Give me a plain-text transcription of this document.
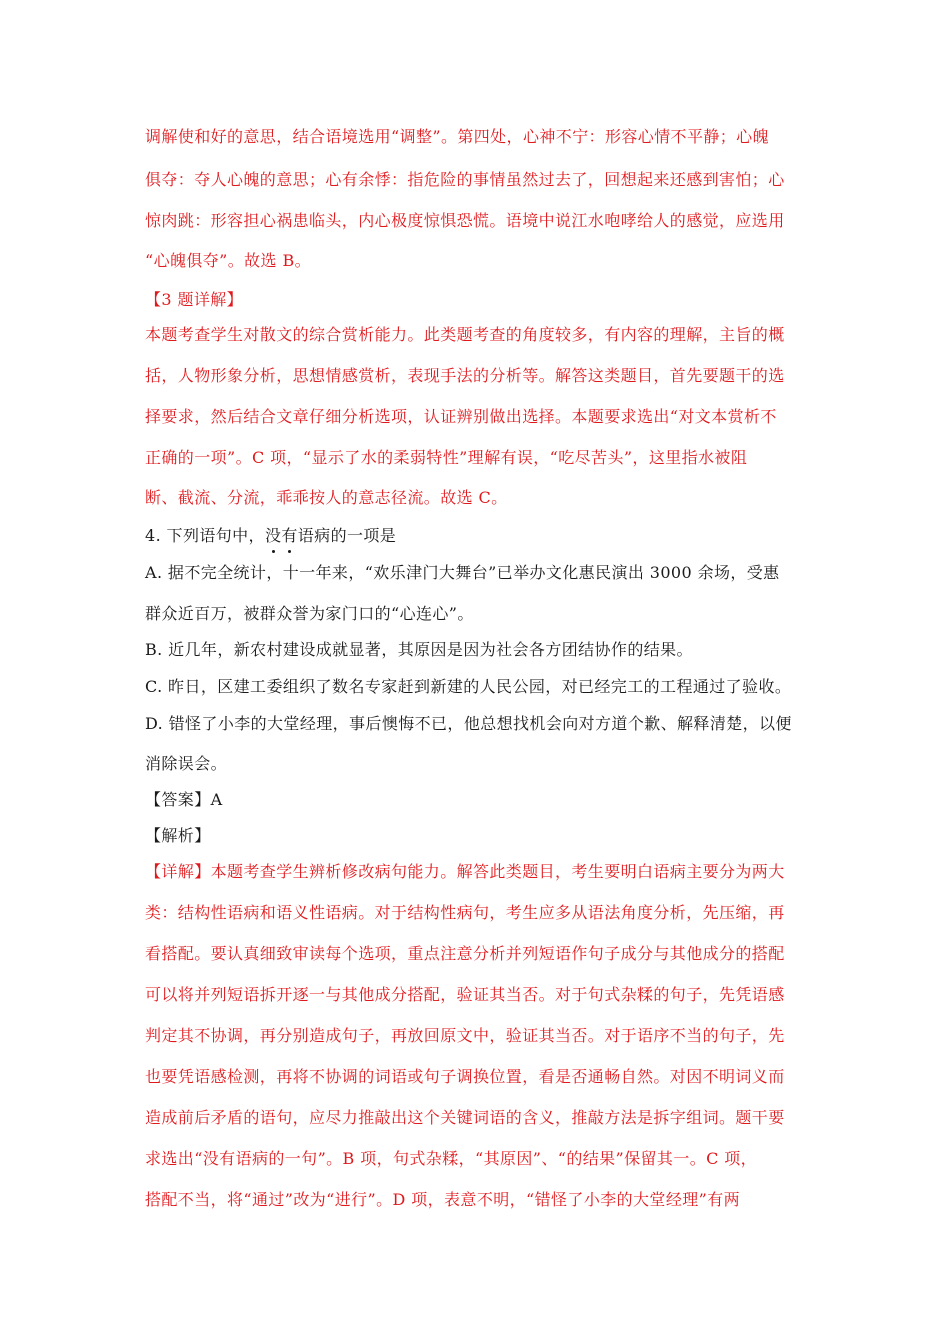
调解使和好的意思，结合语境选用“调整”。第四处，心神不宁：形容心情不平静；心魄
俱夺：夺人心魄的意思；心有余悸：指危险的事情虽然过去了，回想起来还感到害怕；心
惊肉跳：形容担心祸患临头，内心极度惊惧恐慌。语境中说江水咆哮给人的感觉，应选用
“心魄俱夺”。故选 B。
【3 题详解】
本题考查学生对散文的综合赏析能力。此类题考查的角度较多，有内容的理解，主旨的概
括，人物形象分析，思想情感赏析，表现手法的分析等。解答这类题目，首先要题干的选
择要求，然后结合文章仔细分析选项，认证辨别做出选择。本题要求选出“对文本赏析不
正确的一项”。C 项，“显示了水的柔弱特性”理解有误，“吃尽苦头”，这里指水被阻
断、截流、分流，乖乖按人的意志径流。故选 C。
4. 下列语句中，没有语病的一项是
A. 据不完全统计，十一年来，“欢乐津门大舞台”已举办文化惠民演出 3000 余场，受惠
群众近百万，被群众誉为家门口的“心连心”。
B. 近几年，新农村建设成就显著，其原因是因为社会各方团结协作的结果。
C. 昨日，区建工委组织了数名专家赶到新建的人民公园，对已经完工的工程通过了验收。
D. 错怪了小李的大堂经理，事后懊悔不已，他总想找机会向对方道个歉、解释清楚，以便
消除误会。
【答案】A
【解析】
【详解】本题考查学生辨析修改病句能力。解答此类题目，考生要明白语病主要分为两大
类：结构性语病和语义性语病。对于结构性病句，考生应多从语法角度分析，先压缩，再
看搭配。要认真细致审读每个选项，重点注意分析并列短语作句子成分与其他成分的搭配
可以将并列短语拆开逐一与其他成分搭配，验证其当否。对于句式杂糅的句子，先凭语感
判定其不协调，再分别造成句子，再放回原文中，验证其当否。对于语序不当的句子，先
也要凭语感检测，再将不协调的词语或句子调换位置，看是否通畅自然。对因不明词义而
造成前后矛盾的语句，应尽力推敲出这个关键词语的含义，推敲方法是拆字组词。题干要
求选出“没有语病的一句”。B 项，句式杂糅，“其原因”、“的结果”保留其一。C 项，
搭配不当，将“通过”改为“进行”。D 项，表意不明，“错怪了小李的大堂经理”有两
